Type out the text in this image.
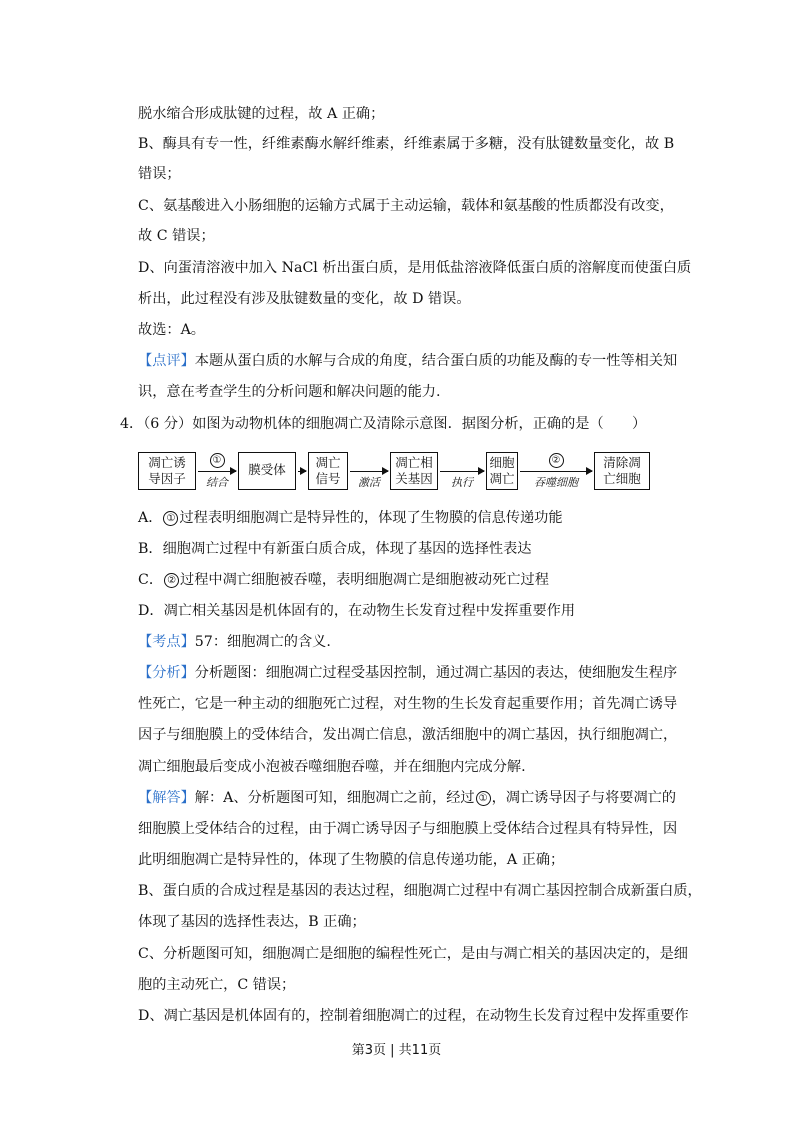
脱水缩合形成肽键的过程，故 A 正确；
B、酶具有专一性，纤维素酶水解纤维素，纤维素属于多糖，没有肽键数量变化，故 B
错误；
C、氨基酸进入小肠细胞的运输方式属于主动运输，载体和氨基酸的性质都没有改变，
故 C 错误；
D、向蛋清溶液中加入 NaCl 析出蛋白质，是用低盐溶液降低蛋白质的溶解度而使蛋白质
析出，此过程没有涉及肽键数量的变化，故 D 错误。
故选：A。
【点评】本题从蛋白质的水解与合成的角度，结合蛋白质的功能及酶的专一性等相关知
识，意在考查学生的分析问题和解决问题的能力.
4．（6 分）如图为动物机体的细胞凋亡及清除示意图．据图分析，正确的是（　　）
凋亡诱
导因子
①
结合
膜受体	凋亡
信号	激活
凋亡相
关基因	执行
细胞
凋亡
②
吞噬细胞
清除凋
亡细胞
A． ① 过程表明细胞凋亡是特异性的，体现了生物膜的信息传递功能
B．细胞凋亡过程中有新蛋白质合成，体现了基因的选择性表达
C． ② 过程中凋亡细胞被吞噬，表明细胞凋亡是细胞被动死亡过程
D．凋亡相关基因是机体固有的，在动物生长发育过程中发挥重要作用
【考点】57：细胞凋亡的含义.
【分析】分析题图：细胞凋亡过程受基因控制，通过凋亡基因的表达，使细胞发生程序
性死亡，它是一种主动的细胞死亡过程，对生物的生长发育起重要作用；首先凋亡诱导
因子与细胞膜上的受体结合，发出凋亡信息，激活细胞中的凋亡基因，执行细胞凋亡，
凋亡细胞最后变成小泡被吞噬细胞吞噬，并在细胞内完成分解.
【解答】解：A、分析题图可知，细胞凋亡之前，经过 ① ，凋亡诱导因子与将要凋亡的
细胞膜上受体结合的过程，由于凋亡诱导因子与细胞膜上受体结合过程具有特异性，因
此明细胞凋亡是特异性的，体现了生物膜的信息传递功能，A 正确；
B、蛋白质的合成过程是基因的表达过程，细胞凋亡过程中有凋亡基因控制合成新蛋白质，
体现了基因的选择性表达，B 正确；
C、分析题图可知，细胞凋亡是细胞的编程性死亡，是由与凋亡相关的基因决定的，是细
胞的主动死亡，C 错误；
D、凋亡基因是机体固有的，控制着细胞凋亡的过程，在动物生长发育过程中发挥重要作
第3页 | 共11页
